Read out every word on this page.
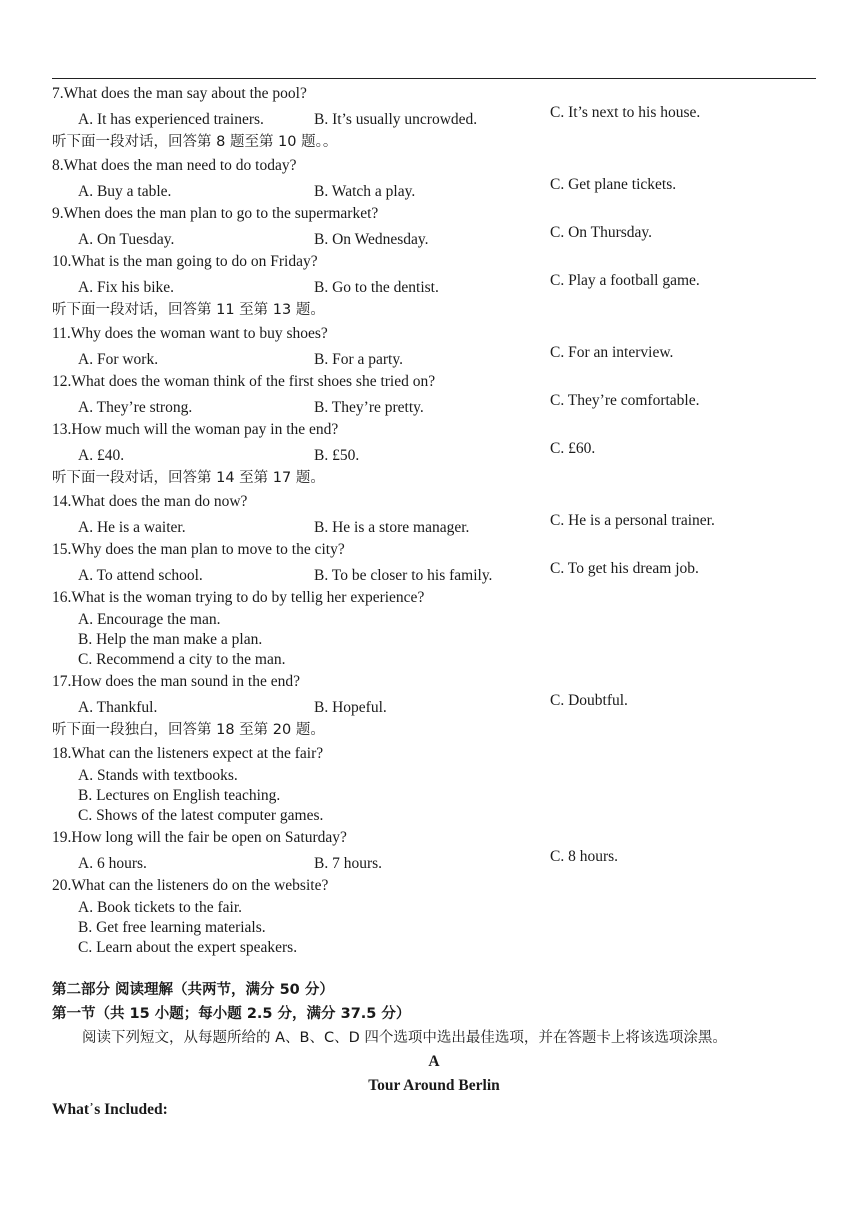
7.What does the man say about the pool?
A. It has experienced trainers.	B. It’s usually uncrowded.	C. It’s next to his house.
听下面一段对话，回答第 8 题至第 10 题。。
8.What does the man need to do today?
A. Buy a table.	B. Watch a play.	C. Get plane tickets.
9.When does the man plan to go to the supermarket?
A. On Tuesday.	B. On Wednesday.	C. On Thursday.
10.What is the man going to do on Friday?
A. Fix his bike.	B. Go to the dentist.	C. Play a football game.
听下面一段对话，回答第 11 至第 13 题。
11.Why does the woman want to buy shoes?
A. For work.	B. For a party.	C. For an interview.
12.What does the woman think of the first shoes she tried on?
A. They’re strong.	B. They’re pretty.	C. They’re comfortable.
13.How much will the woman pay in the end?
A. £40.	B. £50.	C. £60.
听下面一段对话，回答第 14 至第 17 题。
14.What does the man do now?
A. He is a waiter.	B. He is a store manager.	C. He is a personal trainer.
15.Why does the man plan to move to the city?
A. To attend school.	B. To be closer to his family.	C. To get his dream job.
16.What is the woman trying to do by tellig her experience?
A. Encourage the man.
B. Help the man make a plan.
C. Recommend a city to the man.
17.How does the man sound in the end?
A. Thankful.	B. Hopeful.	C. Doubtful.
听下面一段独白，回答第 18 至第 20 题。
18.What can the listeners expect at the fair?
A. Stands with textbooks.
B. Lectures on English teaching.
C. Shows of the latest computer games.
19.How long will the fair be open on Saturday?
A. 6 hours.	B. 7 hours.	C. 8 hours.
20.What can the listeners do on the website?
A. Book tickets to the fair.
B. Get free learning materials.
C. Learn about the expert speakers.
第二部分 阅读理解（共两节，满分 50 分）
第一节（共 15 小题；每小题 2.5 分，满分 37.5 分）
阅读下列短文，从每题所给的 A、B、C、D 四个选项中选出最佳选项，并在答题卡上将该选项涂黑。
A
Tour Around Berlin
What᾿s Included:
